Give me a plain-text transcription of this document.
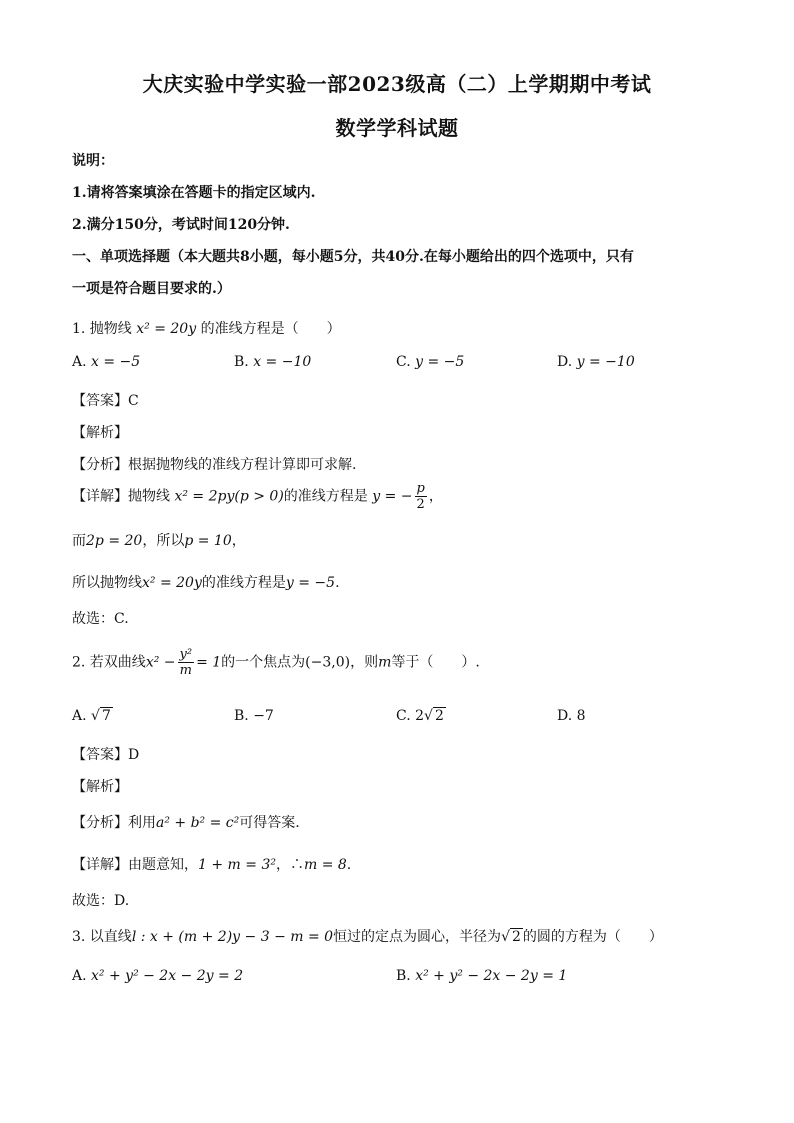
大庆实验中学实验一部2023级高（二）上学期期中考试
数学学科试题
说明：
1.请将答案填涂在答题卡的指定区域内.
2.满分150分，考试时间120分钟.
一、单项选择题（本大题共8小题，每小题5分，共40分.在每小题给出的四个选项中，只有
一项是符合题目要求的.）
1. 抛物线 x² = 20y 的准线方程是（　　）
A. x = −5	B. x = −10	C. y = −5	D. y = −10
【答案】C
【解析】
【分析】根据抛物线的准线方程计算即可求解.
【详解】抛物线 x² = 2py(p > 0)的准线方程是 y = − $\frac{p}{2}$ ，
而2p = 20，所以p = 10，
所以抛物线x² = 20y的准线方程是y = −5.
故选：C.
2. 若双曲线$x^2 - \frac{\text{y²}}{m} = 1$的一个焦点为(−3,0)，则m等于（　　）.
A. √ 7	B. −7	C. 2√ 2	D. 8
【答案】D
【解析】
【分析】利用a² + b² = c²可得答案.
【详解】由题意知，1 + m = 3²，∴m = 8.
故选：D.
3. 以直线l : x + (m + 2)y − 3 − m = 0恒过的定点为圆心，半径为√ 2 的圆的方程为（　　）
A. x² + y² − 2x − 2y = 2	B. x² + y² − 2x − 2y = 1
